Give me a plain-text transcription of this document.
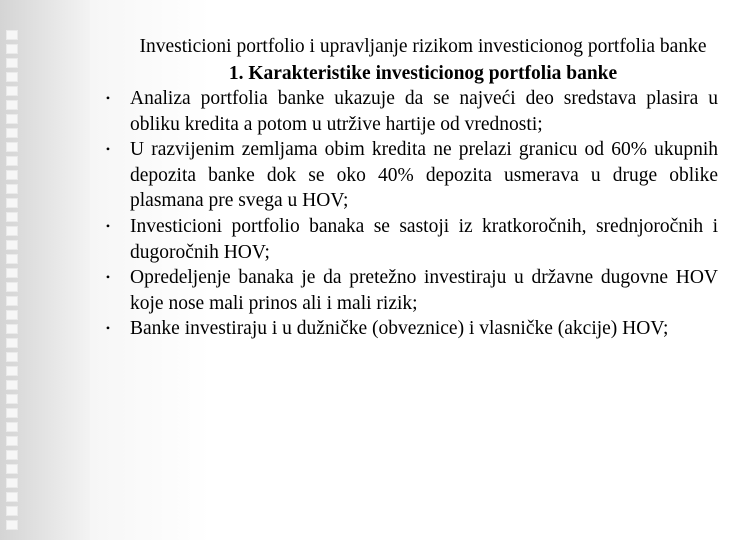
Investicioni portfolio i upravljanje rizikom investicionog portfolia banke
1. Karakteristike investicionog portfolia banke
•	Analiza portfolia banke ukazuje da se najveći deo sredstava plasira u obliku kredita a potom u utržive hartije od vrednosti;
•	U razvijenim zemljama obim kredita ne prelazi granicu od 60% ukupnih depozita banke dok se oko 40% depozita usmerava u druge oblike plasmana pre svega u HOV;
•	Investicioni portfolio banaka se sastoji iz kratkoročnih, srednjoročnih i dugoročnih HOV;
•	Opredeljenje banaka je da pretežno investiraju u državne dugovne HOV koje nose mali prinos ali i mali rizik;
•	Banke investiraju i u dužničke (obveznice) i vlasničke (akcije) HOV;
